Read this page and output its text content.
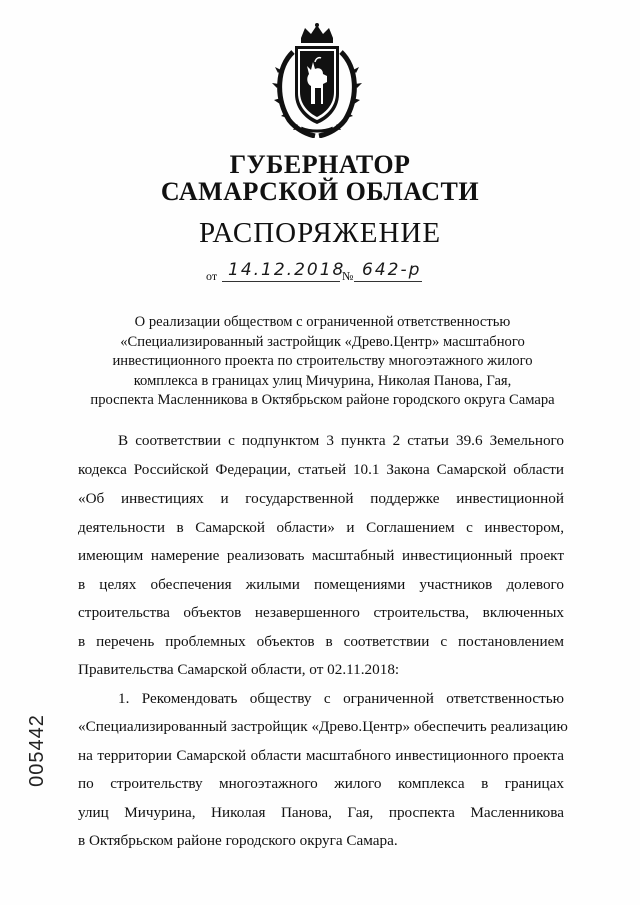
ГУБЕРНАТОР
САМАРСКОЙ ОБЛАСТИ
РАСПОРЯЖЕНИЕ
от 14.12.2018
№ 642-р
О реализации обществом с ограниченной ответственностью
«Специализированный застройщик «Древо.Центр» масштабного
инвестиционного проекта по строительству многоэтажного жилого
комплекса в границах улиц Мичурина, Николая Панова, Гая,
проспекта Масленникова в Октябрьском районе городского округа Самара
В соответствии с подпунктом 3 пункта 2 статьи 39.6 Земельного
кодекса Российской Федерации, статьей 10.1 Закона Самарской области
«Об инвестициях и государственной поддержке инвестиционной
деятельности в Самарской области» и Соглашением с инвестором,
имеющим намерение реализовать масштабный инвестиционный проект
в целях обеспечения жилыми помещениями участников долевого
строительства объектов незавершенного строительства, включенных
в перечень проблемных объектов в соответствии с постановлением
Правительства Самарской области, от 02.11.2018:
1. Рекомендовать обществу с ограниченной ответственностью
«Специализированный застройщик «Древо.Центр» обеспечить реализацию
на территории Самарской области масштабного инвестиционного проекта
по строительству многоэтажного жилого комплекса в границах
улиц Мичурина, Николая Панова, Гая, проспекта Масленникова
в Октябрьском районе городского округа Самара.
005442
